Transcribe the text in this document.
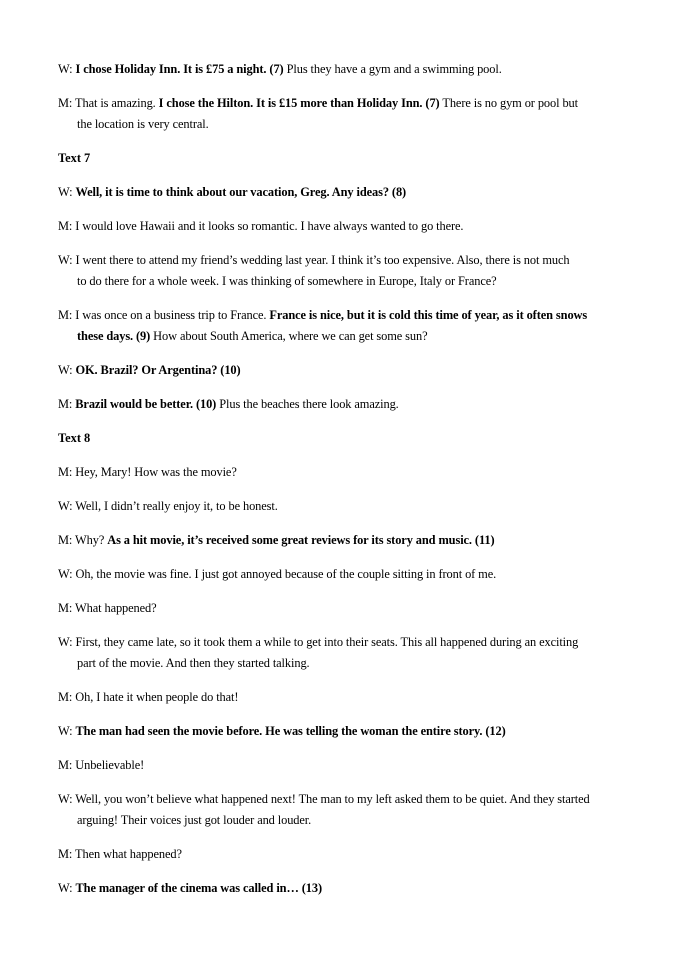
W: I chose Holiday Inn. It is £75 a night. (7) Plus they have a gym and a swimming pool.
M: That is amazing. I chose the Hilton. It is £15 more than Holiday Inn. (7) There is no gym or pool but
the location is very central.
Text 7
W: Well, it is time to think about our vacation, Greg. Any ideas? (8)
M: I would love Hawaii and it looks so romantic. I have always wanted to go there.
W: I went there to attend my friend’s wedding last year. I think it’s too expensive. Also, there is not much
to do there for a whole week. I was thinking of somewhere in Europe, Italy or France?
M: I was once on a business trip to France. France is nice, but it is cold this time of year, as it often snows
these days. (9) How about South America, where we can get some sun?
W: OK. Brazil? Or Argentina? (10)
M: Brazil would be better. (10) Plus the beaches there look amazing.
Text 8
M: Hey, Mary! How was the movie?
W: Well, I didn’t really enjoy it, to be honest.
M: Why? As a hit movie, it’s received some great reviews for its story and music. (11)
W: Oh, the movie was fine. I just got annoyed because of the couple sitting in front of me.
M: What happened?
W: First, they came late, so it took them a while to get into their seats. This all happened during an exciting
part of the movie. And then they started talking.
M: Oh, I hate it when people do that!
W: The man had seen the movie before. He was telling the woman the entire story. (12)
M: Unbelievable!
W: Well, you won’t believe what happened next! The man to my left asked them to be quiet. And they started
arguing! Their voices just got louder and louder.
M: Then what happened?
W: The manager of the cinema was called in… (13)
